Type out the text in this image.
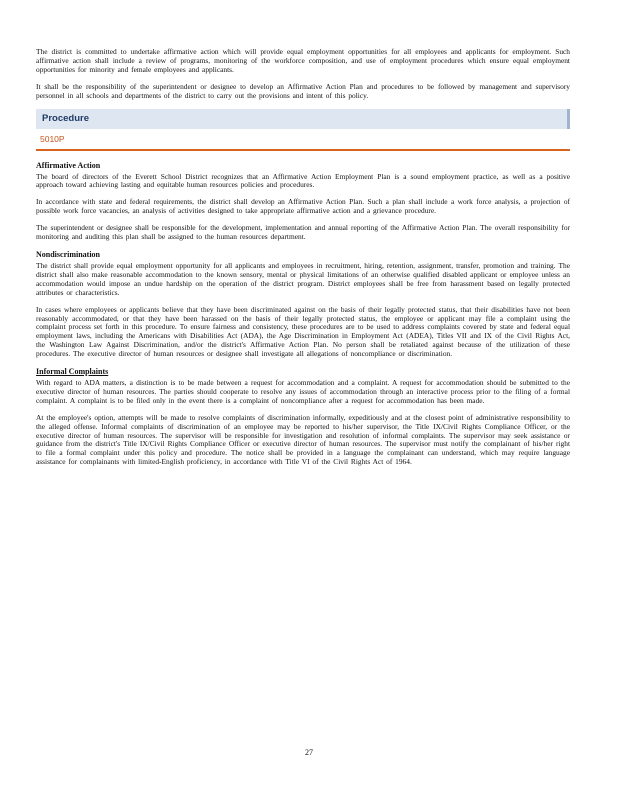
The district is committed to undertake affirmative action which will provide equal employment opportunities for all employees and applicants for employment. Such affirmative action shall include a review of programs, monitoring of the workforce composition, and use of employment procedures which ensure equal employment opportunities for minority and female employees and applicants.

It shall be the responsibility of the superintendent or designee to develop an Affirmative Action Plan and procedures to be followed by management and supervisory personnel in all schools and departments of the district to carry out the provisions and intent of this policy.

Procedure
5010P
Affirmative Action

The board of directors of the Everett School District recognizes that an Affirmative Action Employment Plan is a sound employment practice, as well as a positive approach toward achieving lasting and equitable human resources policies and procedures.

In accordance with state and federal requirements, the district shall develop an Affirmative Action Plan. Such a plan shall include a work force analysis, a projection of possible work force vacancies, an analysis of activities designed to take appropriate affirmative action and a grievance procedure.

The superintendent or designee shall be responsible for the development, implementation and annual reporting of the Affirmative Action Plan. The overall responsibility for monitoring and auditing this plan shall be assigned to the human resources department.

Nondiscrimination

The district shall provide equal employment opportunity for all applicants and employees in recruitment, hiring, retention, assignment, transfer, promotion and training. The district shall also make reasonable accommodation to the known sensory, mental or physical limitations of an otherwise qualified disabled applicant or employee unless an accommodation would impose an undue hardship on the operation of the district program. District employees shall be free from harassment based on legally protected attributes or characteristics.

In cases where employees or applicants believe that they have been discriminated against on the basis of their legally protected status, that their disabilities have not been reasonably accommodated, or that they have been harassed on the basis of their legally protected status, the employee or applicant may file a complaint using the complaint process set forth in this procedure. To ensure fairness and consistency, these procedures are to be used to address complaints covered by state and federal equal employment laws, including the Americans with Disabilities Act (ADA), the Age Discrimination in Employment Act (ADEA), Titles VII and IX of the Civil Rights Act, the Washington Law Against Discrimination, and/or the district's Affirmative Action Plan. No person shall be retaliated against because of the utilization of these procedures. The executive director of human resources or designee shall investigate all allegations of noncompliance or discrimination.

Informal Complaints

With regard to ADA matters, a distinction is to be made between a request for accommodation and a complaint. A request for accommodation should be submitted to the executive director of human resources. The parties should cooperate to resolve any issues of accommodation through an interactive process prior to the filing of a formal complaint. A complaint is to be filed only in the event there is a complaint of noncompliance after a request for accommodation has been made.

At the employee's option, attempts will be made to resolve complaints of discrimination informally, expeditiously and at the closest point of administrative responsibility to the alleged offense. Informal complaints of discrimination of an employee may be reported to his/her supervisor, the Title IX/Civil Rights Compliance Officer, or the executive director of human resources. The supervisor will be responsible for investigation and resolution of informal complaints. The supervisor may seek assistance or guidance from the district's Title IX/Civil Rights Compliance Officer or executive director of human resources. The supervisor must notify the complainant of his/her right to file a formal complaint under this policy and procedure. The notice shall be provided in a language the complainant can understand, which may require language assistance for complainants with limited-English proficiency, in accordance with Title VI of the Civil Rights Act of 1964.

27
